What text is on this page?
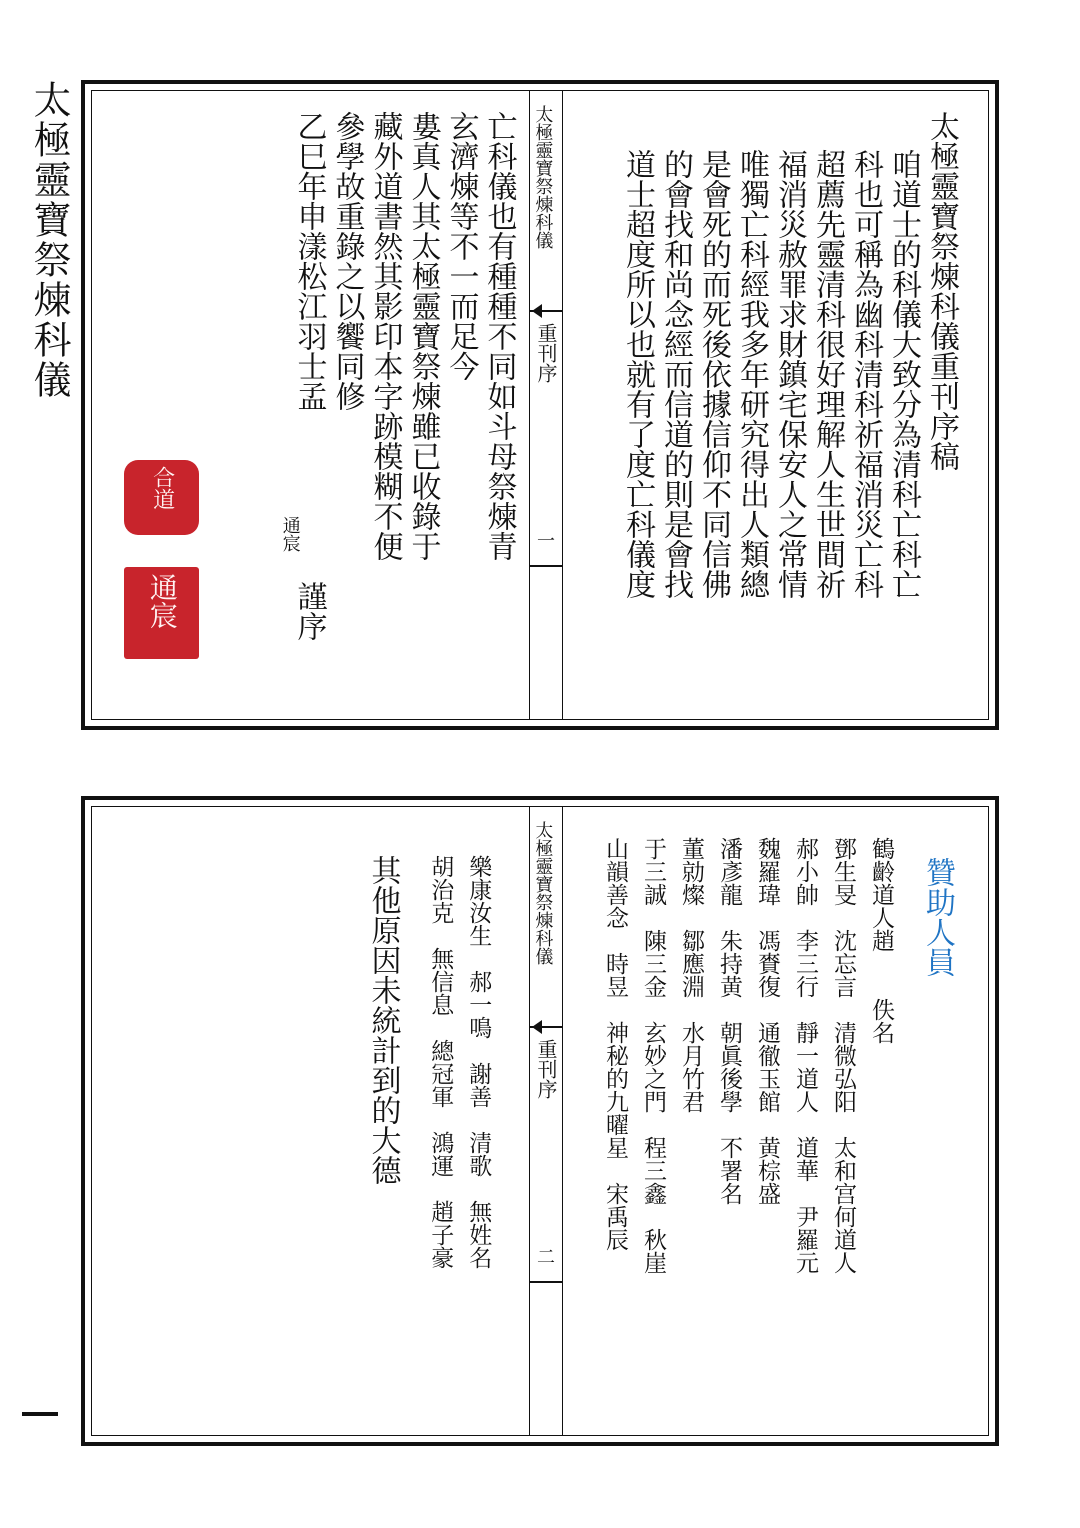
太極靈寶祭煉科儀	太極靈寶祭煉科儀重刊序稿
咱道士的科儀大致分為清科亡科亡
科也可稱為幽科清科祈福消災亡科
超薦先靈清科很好理解人生世間祈
福消災赦罪求財鎮宅保安人之常情
唯獨亡科經我多年研究得出人類總
是會死的而死後依據信仰不同信佛
的會找和尚念經而信道的則是會找
道士超度所以也就有了度亡科儀度
太極靈寶祭煉科儀
重刊序
一
亡科儀也有種種不同如斗母祭煉青
玄濟煉等不一而足今
婁真人其太極靈寶祭煉雖已收錄于
藏外道書然其影印本字跡模糊不便
參學故重錄之以饗同修
乙巳年申漾松江羽士孟
通宸
謹序
合道
通宸
贊助人員
鶴齡道人趙　　佚名
鄧生旻　沈忘言　清微弘阳　太和宫何道人
郝小帥　李三行　靜一道人　道華　尹羅元
魏羅瑋　馮賚復　通徹玉館　黄棕盛
潘彥龍　朱持黄　朝眞後學　不署名
董勍燦　鄒應淵　水月竹君
于三誠　陳三金　玄妙之門　程三鑫　秋崖
山韻善念　時昱　神秘的九曜星　宋禹辰
太極靈寶祭煉科儀
重刊序
二
樂康汝生　郝一鳴　謝善　清歌　無姓名
胡治克　無信息　總冠軍　鴻運　趙子豪
其他原因未統計到的大德
